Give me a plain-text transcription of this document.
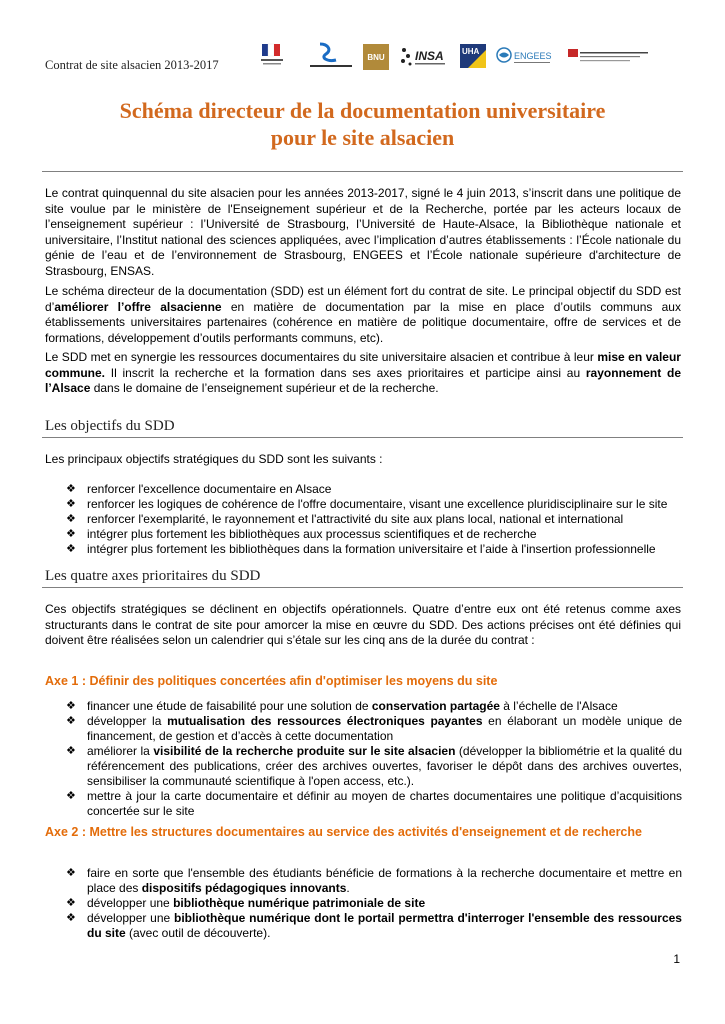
Contrat de site alsacien 2013-2017
BNU	INSA UHA	ENGEES
Schéma directeur de la documentation universitaire
pour le site alsacien

Le contrat quinquennal du site alsacien pour les années 2013-2017, signé le 4 juin 2013, s’inscrit dans une politique de site voulue par le ministère de l'Enseignement supérieur et de la Recherche, portée par les acteurs locaux de l’enseignement supérieur : l’Université de Strasbourg, l’Université de Haute-Alsace, la Bibliothèque nationale et universitaire, l’Institut national des sciences appliquées, avec l’implication d’autres établissements : l’École nationale du génie de l’eau et de l’environnement de Strasbourg, ENGEES et l’École nationale supérieure d'architecture de Strasbourg, ENSAS.

Le schéma directeur de la documentation (SDD) est un élément fort du contrat de site. Le principal objectif du SDD est d’améliorer l’offre alsacienne en matière de documentation par la mise en place d’outils communs aux établissements universitaires partenaires (cohérence en matière de politique documentaire, offre de services et de formations, développement d’outils performants communs, etc).

Le SDD met en synergie les ressources documentaires du site universitaire alsacien et contribue à leur mise en valeur commune. Il inscrit la recherche et la formation dans ses axes prioritaires et participe ainsi au rayonnement de l’Alsace dans le domaine de l’enseignement supérieur et de la recherche.

Les objectifs du SDD

Les principaux objectifs stratégiques du SDD sont les suivants :

❖ renforcer l'excellence documentaire en Alsace
❖ renforcer les logiques de cohérence de l'offre documentaire, visant une excellence pluridisciplinaire sur le site
❖ renforcer l'exemplarité, le rayonnement et l'attractivité du site aux plans local, national et international
❖ intégrer plus fortement les bibliothèques aux processus scientifiques et de recherche
❖ intégrer plus fortement les bibliothèques dans la formation universitaire et l’aide à l'insertion professionnelle
Les quatre axes prioritaires du SDD

Ces objectifs stratégiques se déclinent en objectifs opérationnels. Quatre d’entre eux ont été retenus comme axes structurants dans le contrat de site pour amorcer la mise en œuvre du SDD. Des actions précises ont été définies qui doivent être réalisées selon un calendrier qui s’étale sur les cinq ans de la durée du contrat :

Axe 1 : Définir des politiques concertées afin d'optimiser les moyens du site
❖ financer une étude de faisabilité pour une solution de conservation partagée à l’échelle de l'Alsace
❖ développer la mutualisation des ressources électroniques payantes en élaborant un modèle unique de financement, de gestion et d’accès à cette documentation
❖ améliorer la visibilité de la recherche produite sur le site alsacien (développer la bibliométrie et la qualité du référencement des publications, créer des archives ouvertes, favoriser le dépôt dans des archives ouvertes, sensibiliser la communauté scientifique à l'open access, etc.).
❖ mettre à jour la carte documentaire et définir au moyen de chartes documentaires une politique d’acquisitions concertée sur le site
Axe 2 : Mettre les structures documentaires au service des activités d'enseignement et de recherche
❖ faire en sorte que l'ensemble des étudiants bénéficie de formations à la recherche documentaire et mettre en place des dispositifs pédagogiques innovants.
❖ développer une bibliothèque numérique patrimoniale de site
❖ développer une bibliothèque numérique dont le portail permettra d'interroger l'ensemble des ressources du site (avec outil de découverte).
1
